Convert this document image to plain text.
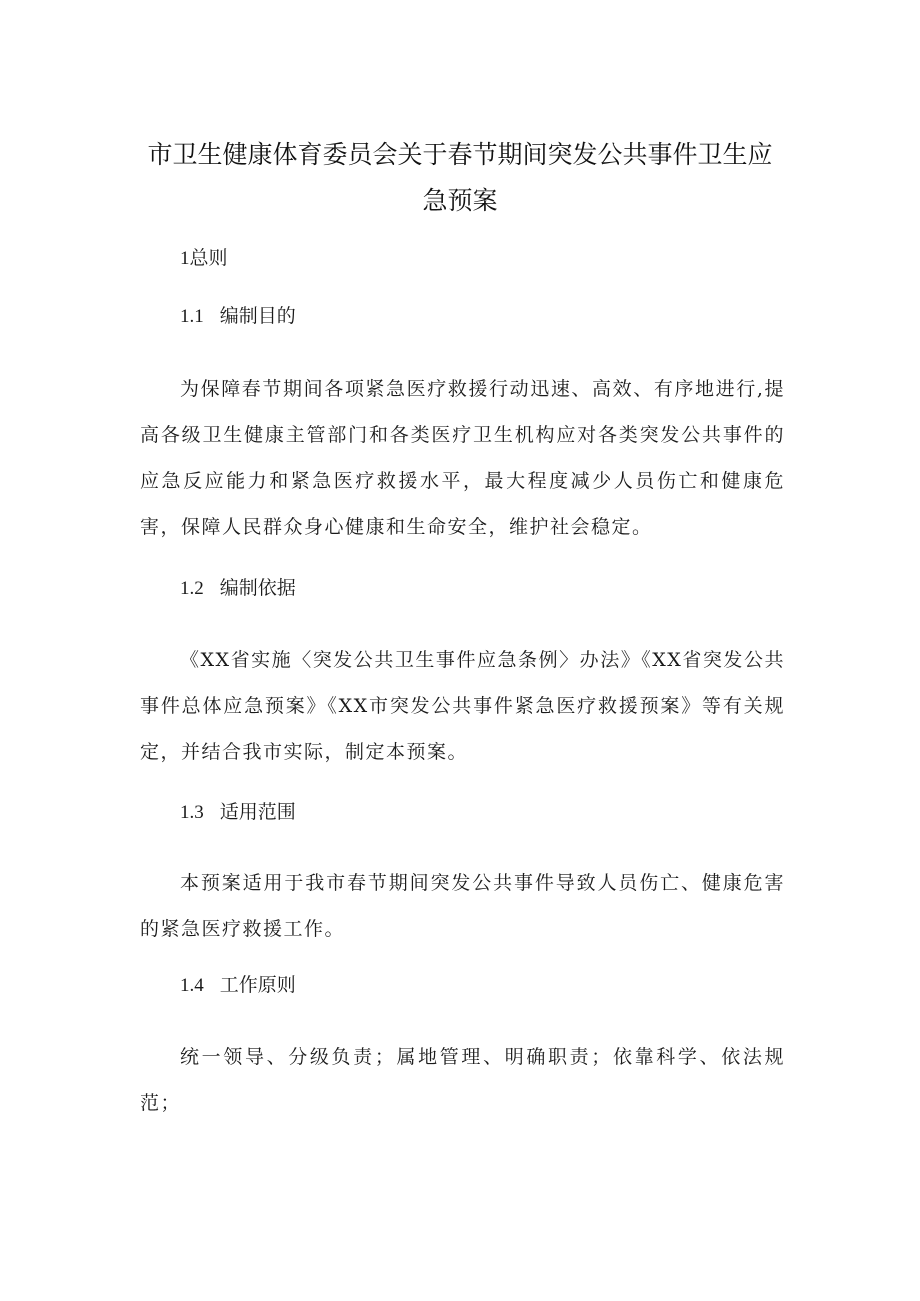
市卫生健康体育委员会关于春节期间突发公共事件卫生应
急预案
1总则
1.1 编制目的

为保障春节期间各项紧急医疗救援行动迅速、高效、有序地进行,提高各级卫生健康主管部门和各类医疗卫生机构应对各类突发公共事件的应急反应能力和紧急医疗救援水平，最大程度减少人员伤亡和健康危害，保障人民群众身心健康和生命安全，维护社会稳定。

1.2 编制依据

《XX省实施〈突发公共卫生事件应急条例〉办法》《XX省突发公共事件总体应急预案》《XX市突发公共事件紧急医疗救援预案》等有关规定，并结合我市实际，制定本预案。

1.3 适用范围

本预案适用于我市春节期间突发公共事件导致人员伤亡、健康危害的紧急医疗救援工作。

1.4 工作原则

统一领导、分级负责；属地管理、明确职责；依靠科学、依法规范；
